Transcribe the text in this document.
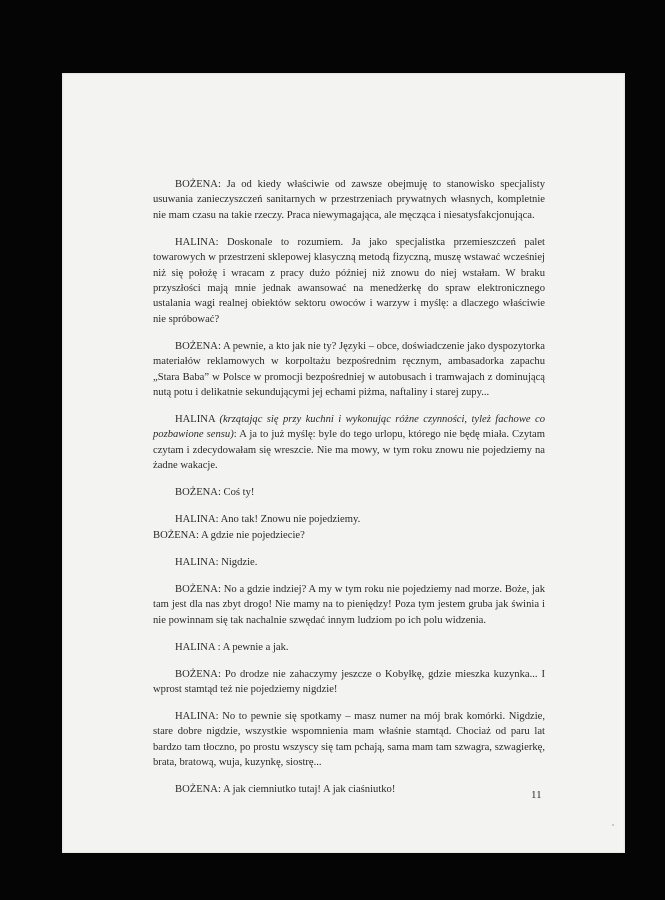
BOŻENA: Ja od kiedy właściwie od zawsze obejmuję to stanowisko specjalisty usuwania zanieczyszczeń sanitarnych w przestrzeniach prywatnych własnych, kompletnie nie mam czasu na takie rzeczy. Praca niewymagająca, ale męcząca i niesatysfakcjonująca.

HALINA: Doskonale to rozumiem. Ja jako specjalistka przemieszczeń palet towarowych w przestrzeni sklepowej klasyczną metodą fizyczną, muszę wstawać wcześniej niż się położę i wracam z pracy dużo później niż znowu do niej wstałam. W braku przyszłości mają mnie jednak awansować na menedżerkę do spraw elektronicznego ustalania wagi realnej obiektów sektoru owoców i warzyw i myślę: a dlaczego właściwie nie spróbować?

BOŻENA: A pewnie, a kto jak nie ty? Języki – obce, doświadczenie jako dyspozytorka materiałów reklamowych w korpoltażu bezpośrednim ręcznym, ambasadorka zapachu „Stara Baba” w Polsce w promocji bezpośredniej w autobusach i tramwajach z dominującą nutą potu i delikatnie sekundującymi jej echami piżma, naftaliny i starej zupy...

HALINA (krzątając się przy kuchni i wykonując różne czynności, tyleż fachowe co pozbawione sensu): A ja to już myślę: byle do tego urlopu, którego nie będę miała. Czytam czytam i zdecydowałam się wreszcie. Nie ma mowy, w tym roku znowu nie pojedziemy na żadne wakacje.

BOŻENA: Coś ty!

HALINA: Ano tak! Znowu nie pojedziemy.

BOŻENA: A gdzie nie pojedziecie?

HALINA: Nigdzie.

BOŻENA: No a gdzie indziej? A my w tym roku nie pojedziemy nad morze. Boże, jak tam jest dla nas zbyt drogo! Nie mamy na to pieniędzy! Poza tym jestem gruba jak świnia i nie powinnam się tak nachalnie szwędać innym ludziom po ich polu widzenia.

HALINA : A pewnie a jak.

BOŻENA: Po drodze nie zahaczymy jeszcze o Kobyłkę, gdzie mieszka kuzynka... I wprost stamtąd też nie pojedziemy nigdzie!

HALINA: No to pewnie się spotkamy – masz numer na mój brak komórki. Nigdzie, stare dobre nigdzie, wszystkie wspomnienia mam właśnie stamtąd. Chociaż od paru lat bardzo tam tłoczno, po prostu wszyscy się tam pchają, sama mam tam szwagra, szwagierkę, brata, bratową, wuja, kuzynkę, siostrę...

BOŻENA: A jak ciemniutko tutaj! A jak ciaśniutko!	11
